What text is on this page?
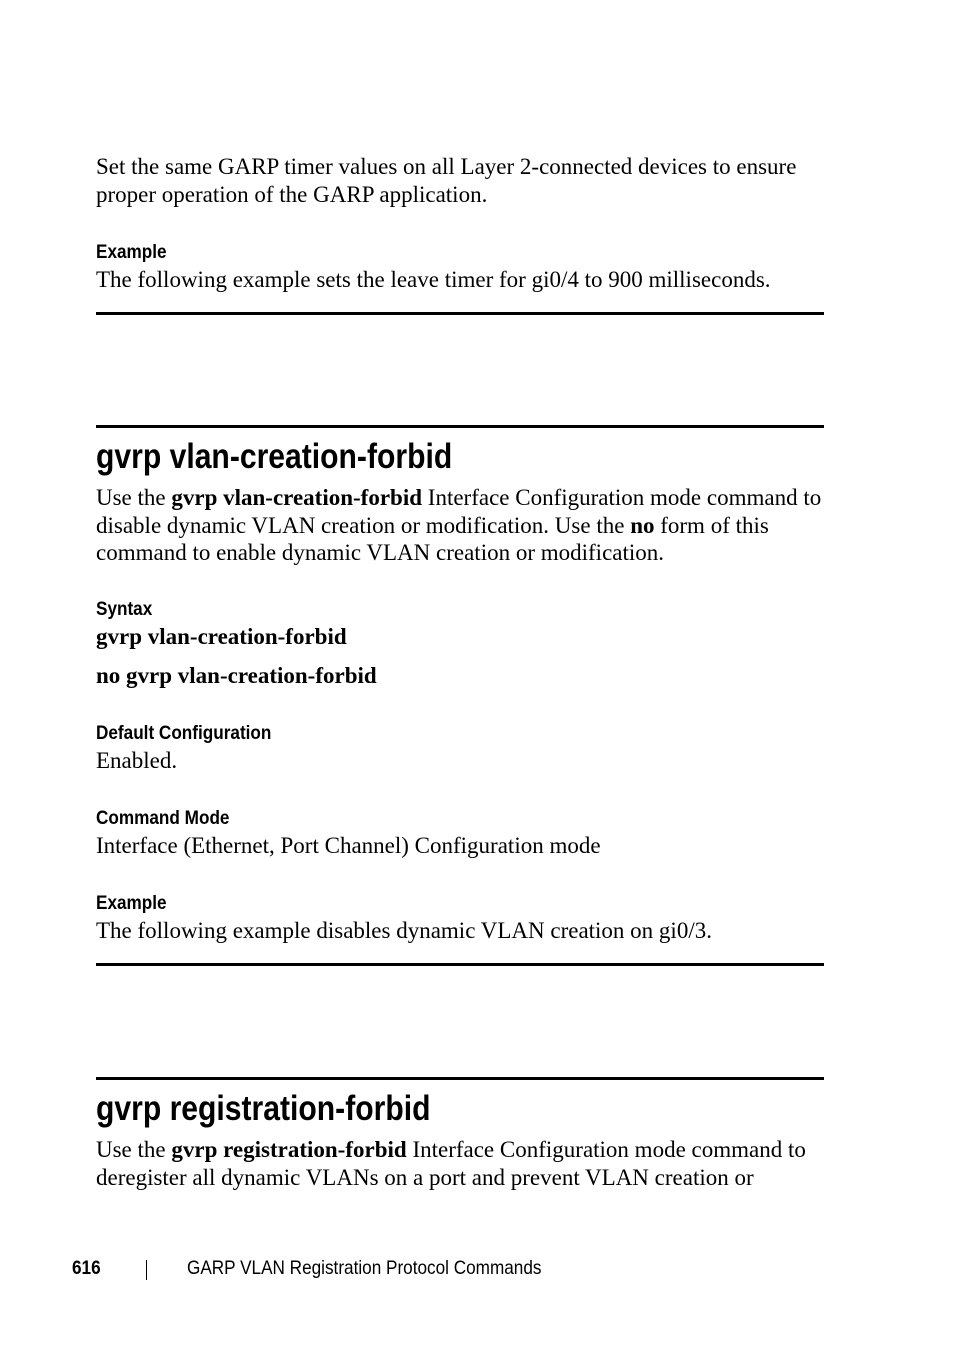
Set the same GARP timer values on all Layer 2-connected devices to ensure proper operation of the GARP application.

Example

The following example sets the leave timer for gi0/4 to 900 milliseconds.

gvrp vlan-creation-forbid

Use the gvrp vlan-creation-forbid Interface Configuration mode command to disable dynamic VLAN creation or modification. Use the no form of this command to enable dynamic VLAN creation or modification.

Syntax
gvrp vlan-creation-forbid
no gvrp vlan-creation-forbid
Default Configuration

Enabled.

Command Mode

Interface (Ethernet, Port Channel) Configuration mode

Example

The following example disables dynamic VLAN creation on gi0/3.

gvrp registration-forbid

Use the gvrp registration-forbid Interface Configuration mode command to deregister all dynamic VLANs on a port and prevent VLAN creation or

616	GARP VLAN Registration Protocol Commands
